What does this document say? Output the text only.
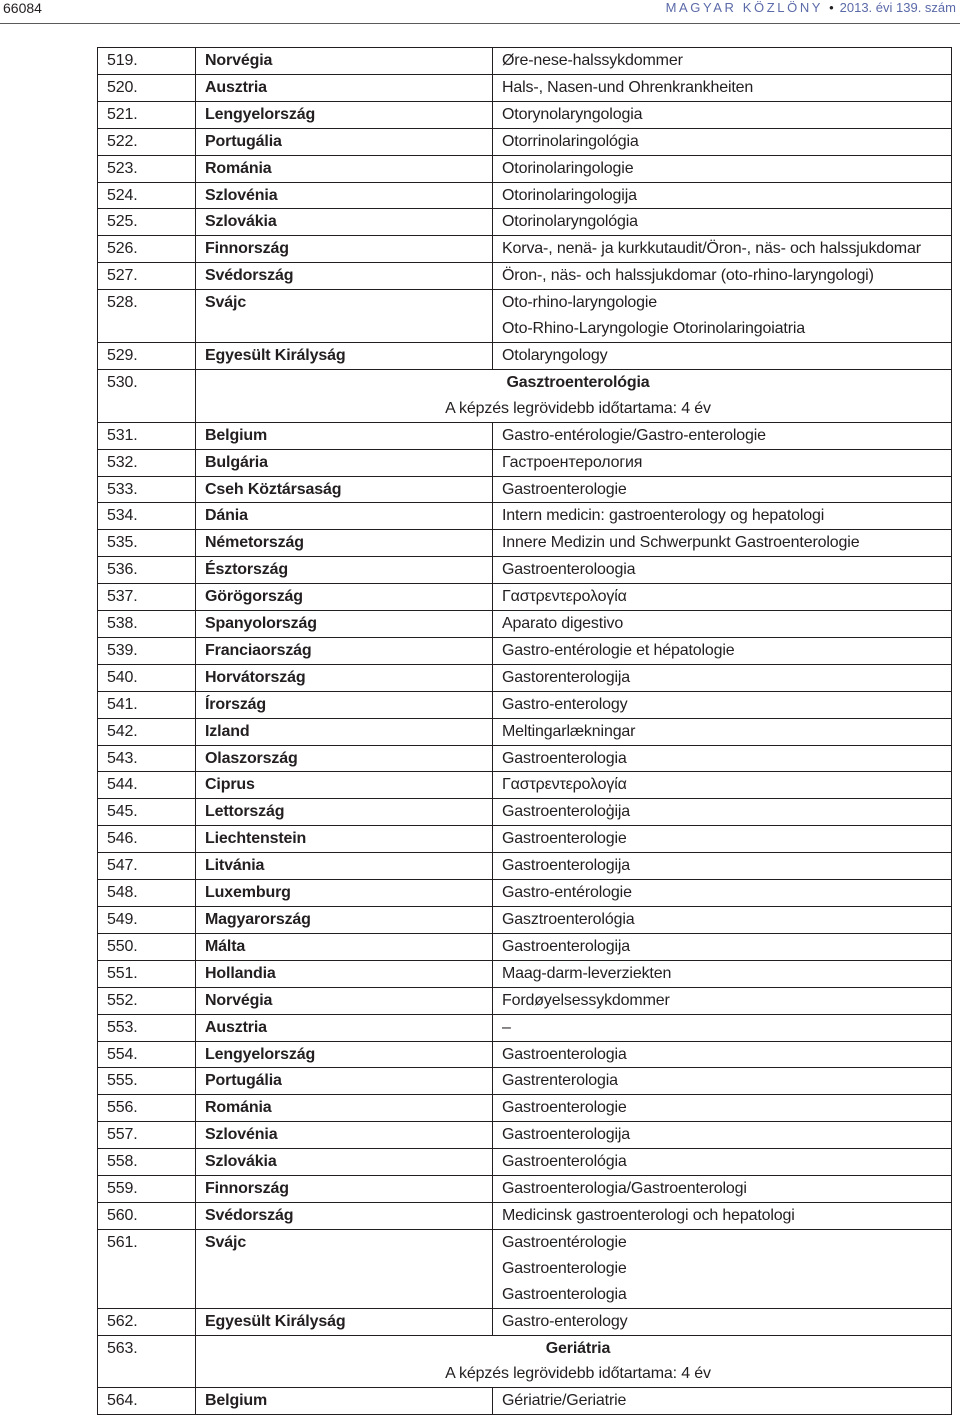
66084	MAGYAR KÖZLÖNY • 2013. évi 139. szám
519.	Norvégia	Øre-nese-halssykdommer

520.	Ausztria	Hals-, Nasen-und Ohrenkrankheiten

521.	Lengyelország	Otorynolaryngologia

522.	Portugália	Otorrinolaringológia

523.	Románia	Otorinolaringologie

524.	Szlovénia	Otorinolaringologija

525.	Szlovákia	Otorinolaryngológia

526.	Finnország	Korva-, nenä- ja kurkkutaudit/Öron-, näs- och halssjukdomar

527.	Svédország	Öron-, näs- och halssjukdomar (oto-rhino-laryngologi)

528.	Svájc	Oto-rhino-laryngologie
Oto-Rhino-Laryngologie Otorinolaringoiatria

529.	Egyesült Királyság	Otolaryngology

530.	Gasztroenterológia
A képzés legrövidebb időtartama: 4 év	

531.	Belgium	Gastro-entérologie/Gastro-enterologie

532.	Bulgária	Гастроентерология

533.	Cseh Köztársaság	Gastroenterologie

534.	Dánia	Intern medicin: gastroenterology og hepatologi

535.	Németország	Innere Medizin und Schwerpunkt Gastroenterologie

536.	Észtország	Gastroenteroloogia

537.	Görögország	Γαστρεντερολογία

538.	Spanyolország	Aparato digestivo

539.	Franciaország	Gastro-entérologie et hépatologie

540.	Horvátország	Gastorenterologija

541.	Írország	Gastro-enterology

542.	Izland	Meltingarlækningar

543.	Olaszország	Gastroenterologia

544.	Ciprus	Γαστρεντερολογία

545.	Lettország	Gastroenteroloģija

546.	Liechtenstein	Gastroenterologie

547.	Litvánia	Gastroenterologija

548.	Luxemburg	Gastro-entérologie

549.	Magyarország	Gasztroenterológia

550.	Málta	Gastroenterologija

551.	Hollandia	Maag-darm-leverziekten

552.	Norvégia	Fordøyelsessykdommer

553.	Ausztria	–

554.	Lengyelország	Gastroenterologia

555.	Portugália	Gastrenterologia

556.	Románia	Gastroenterologie

557.	Szlovénia	Gastroenterologija

558.	Szlovákia	Gastroenterológia

559.	Finnország	Gastroenterologia/Gastroenterologi

560.	Svédország	Medicinsk gastroenterologi och hepatologi

561.	Svájc	Gastroentérologie
Gastroenterologie
Gastroenterologia

562.	Egyesült Királyság	Gastro-enterology

563.	Geriátria
A képzés legrövidebb időtartama: 4 év	

564.	Belgium	Gériatrie/Geriatrie
